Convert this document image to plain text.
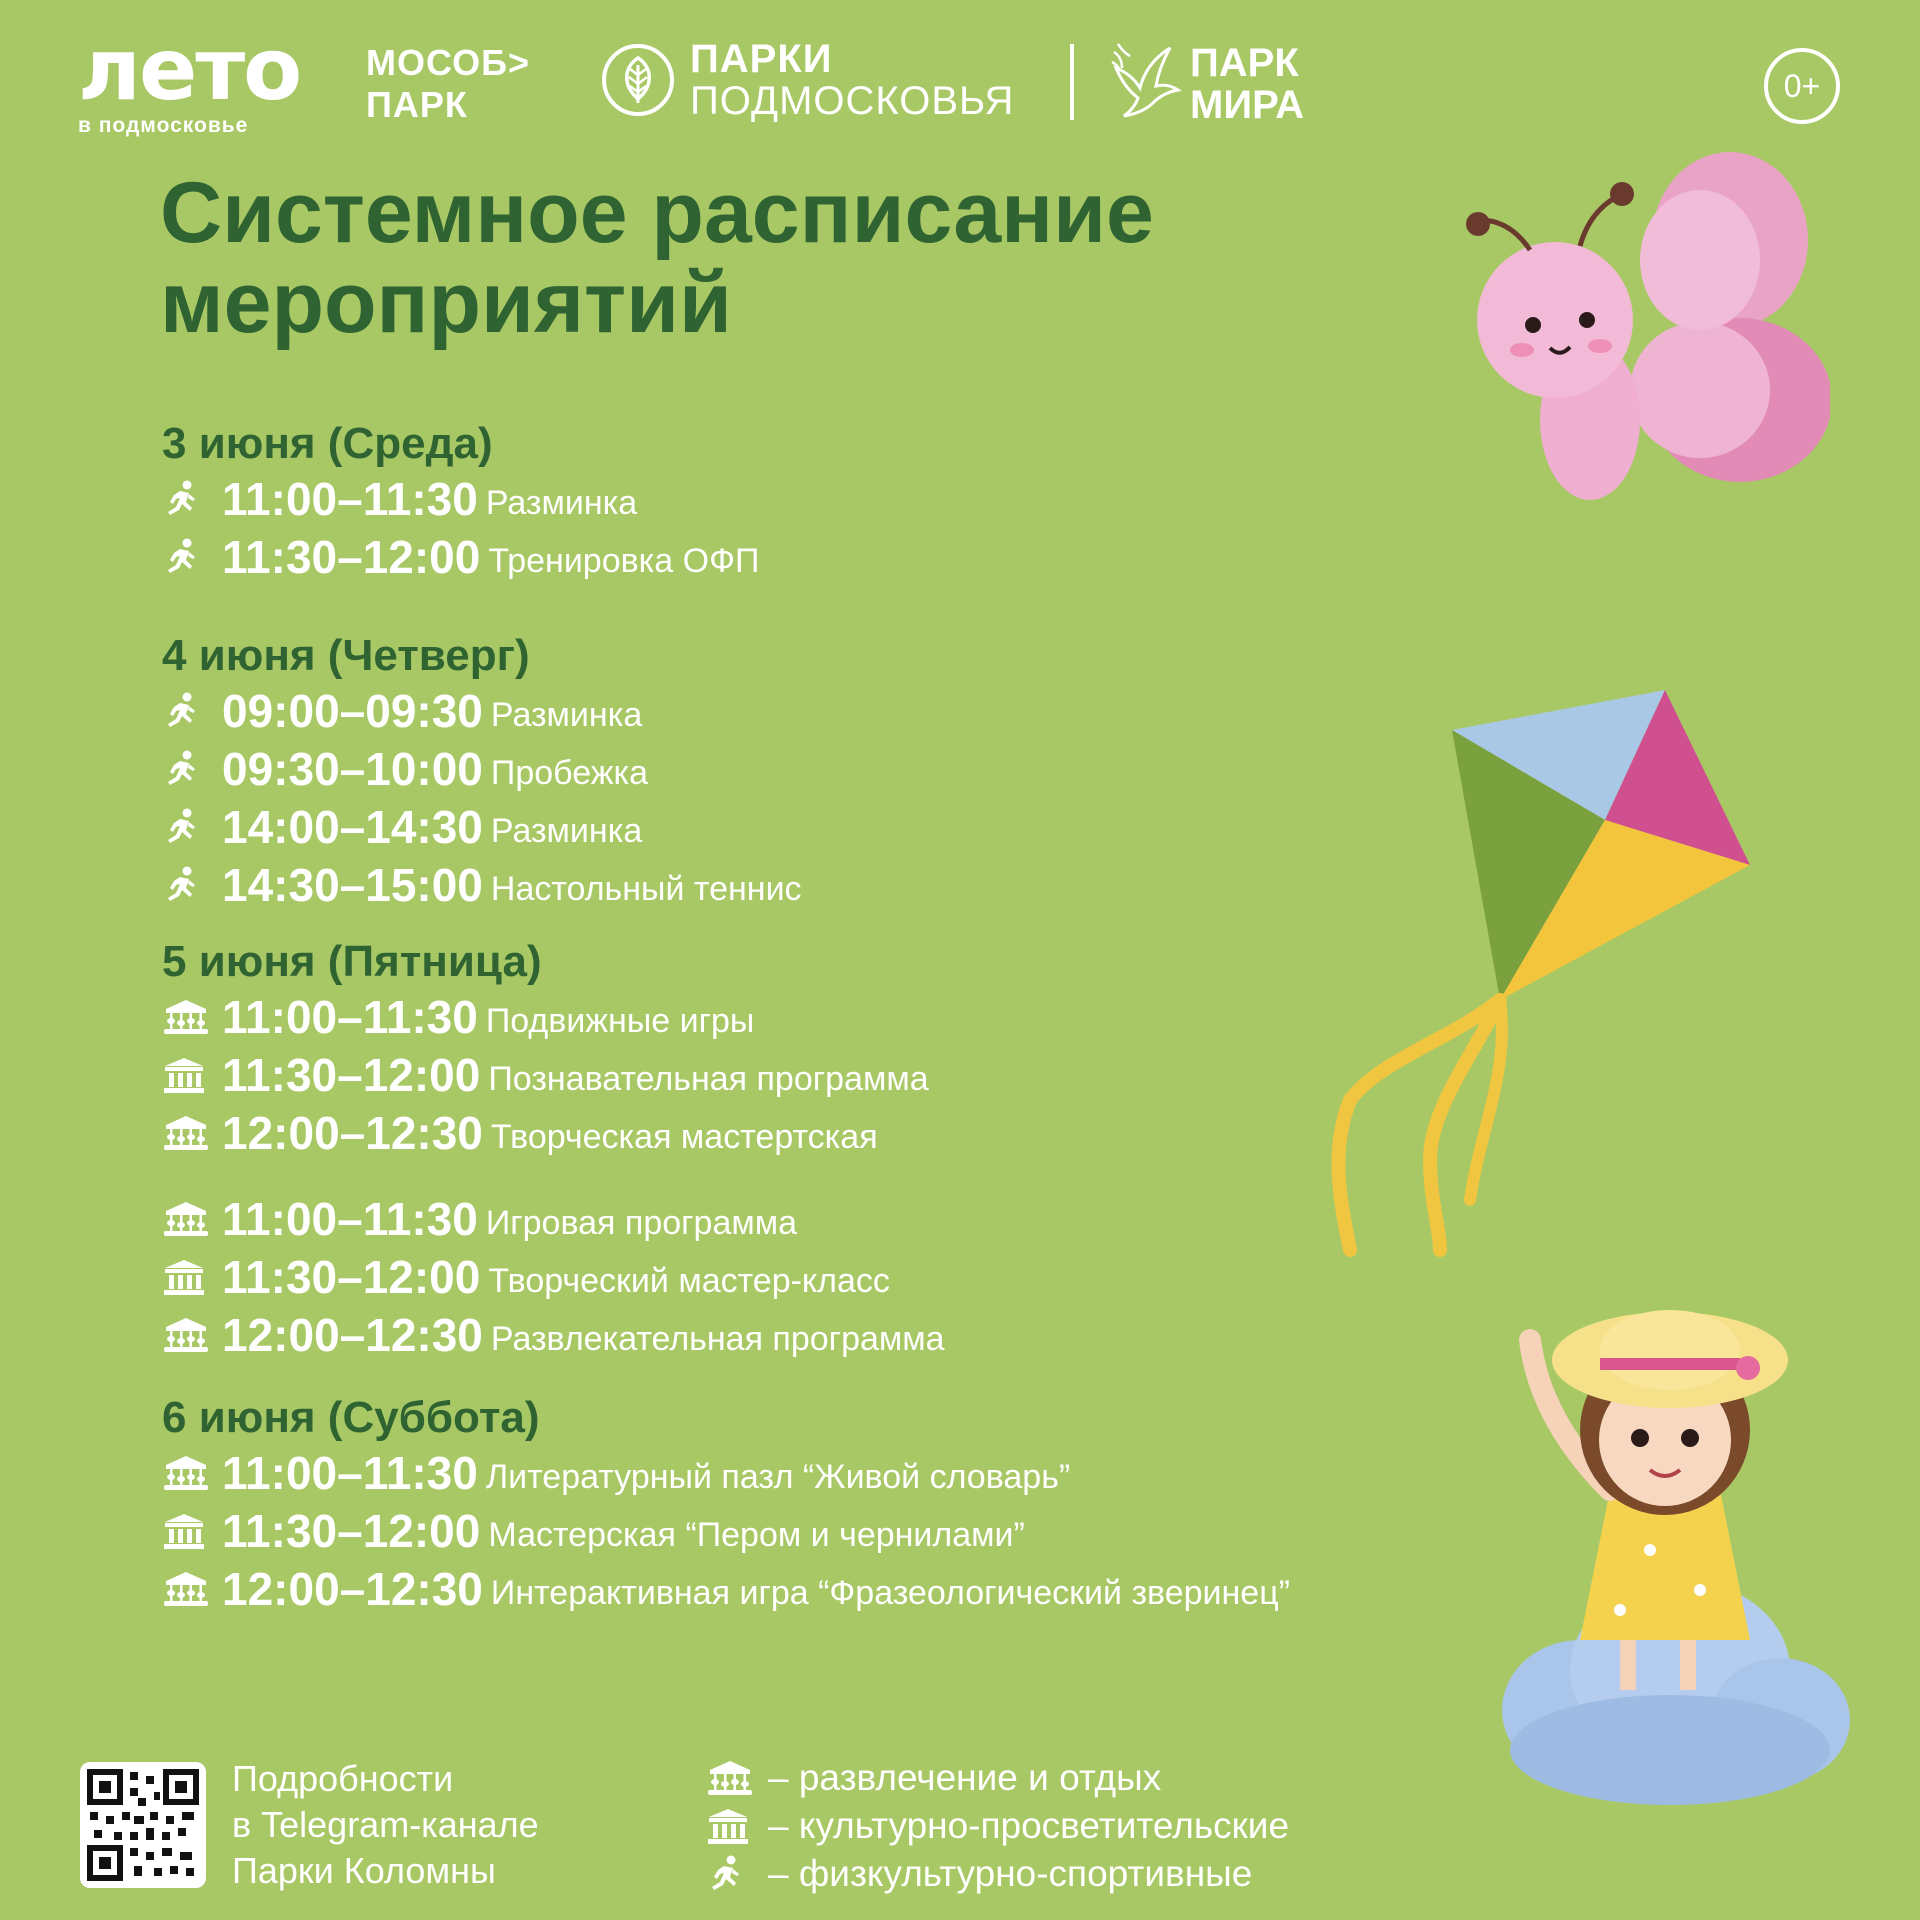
лето
в подмосковье
МОСОБ>
ПАРК
ПАРКИ
ПОДМОСКОВЬЯ
ПАРК
МИРА	0+
Системное расписание
мероприятий
3 июня (Среда)
11:00–11:30 Разминка
11:30–12:00 Тренировка ОФП
4 июня (Четверг)
09:00–09:30 Разминка
09:30–10:00 Пробежка
14:00–14:30 Разминка
14:30–15:00 Настольный теннис
5 июня (Пятница)
11:00–11:30 Подвижные игры
11:30–12:00 Познавательная программа
12:00–12:30 Творческая мастертская
11:00–11:30 Игровая программа
11:30–12:00 Творческий мастер-класс
12:00–12:30 Развлекательная программа
6 июня (Суббота)
11:00–11:30 Литературный пазл “Живой словарь”
11:30–12:00 Мастерская “Пером и чернилами”
12:00–12:30 Интерактивная игра “Фразеологический зверинец”
Подробности
в Telegram-канале
Парки Коломны
– развлечение и отдых
– культурно-просветительские
– физкультурно-спортивные
